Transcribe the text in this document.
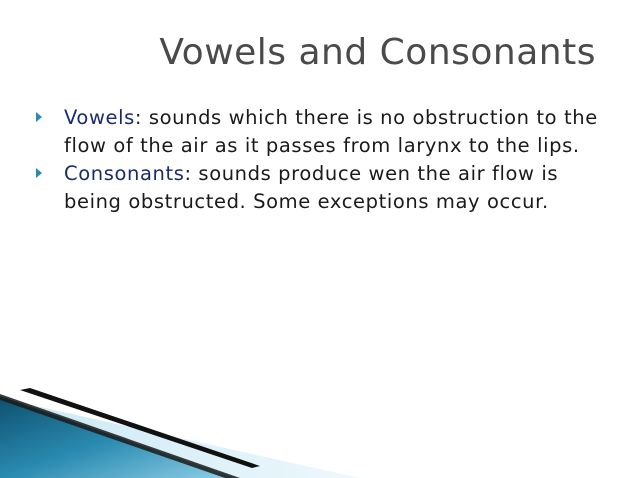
Vowels and Consonants
Vowels: sounds which there is no obstruction to the flow of the air as it passes from larynx to the lips.
Consonants: sounds produce wen the air flow is being obstructed. Some exceptions may occur.
